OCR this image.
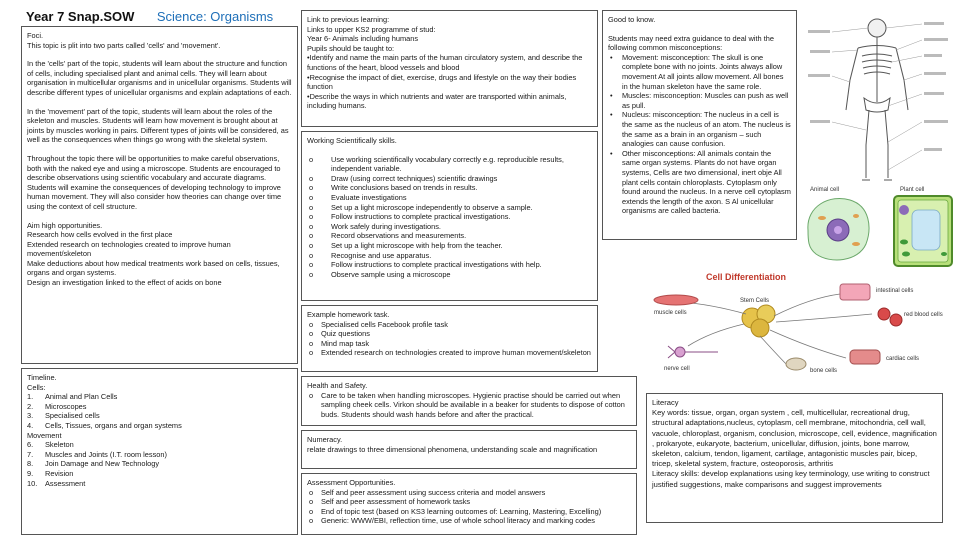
Year 7 Snap.SOW Science: Organisms

Foci.

This topic is plit into two parts called 'cells' and 'movement'.

In the 'cells' part of the topic, students will learn about the structure and function of cells, including specialised plant and animal cells. They will learn about organisation in multicellular organisms and in unicellular organisms. Students will describe different types of unicellular organisms and explain adaptations of each.

In the 'movement' part of the topic, students will learn about the roles of the skeleton and muscles. Students will learn how movement is brought about at joints by muscles working in pairs. Different types of joints will be considered, as well as the consequences when things go wrong with the skeletal system.

Throughout the topic there will be opportunities to make careful observations, both with the naked eye and using a microscope. Students are encouraged to describe observations using scientific vocabulary and accurate diagrams. Students will examine the consequences of developing technology to improve human movement. They will also consider how theories can change over time using the context of cell structure.

Aim high opportunities.

Research how cells evolved in the first place

Extended research on technologies created to improve human movement/skeleton

Make deductions about how medical treatments work based on cells, tissues, organs and organ systems.

Design an investigation linked to the effect of acids on bone

Timeline.

Cells:

1.	Animal and Plan Cells
2.	Microscopes
3.	Specialised cells
4.	Cells, Tissues, organs and organ systems

Movement

6.	Skeleton
7.	Muscles and Joints (I.T. room lesson)
8.	Join Damage and New Technology
9.	Revision
10.	Assessment

Link to previous learning:

Links to upper KS2 programme of stud:

Year 6- Animals including humans

Pupils should be taught to:

•Identify and name the main parts of the human circulatory system, and describe the functions of the heart, blood vessels and blood

•Recognise the impact of diet, exercise, drugs and lifestyle on the way their bodies function

•Describe the ways in which nutrients and water are transported within animals, including humans.

Working Scientifically skills.

o Use working scientifically vocabulary correctly e.g. reproducible results, independent variable.
o Draw (using correct techniques) scientific drawings
o Write conclusions based on trends in results.
o Evaluate investigations
o Set up a light microscope independently to observe a sample.
o Follow instructions to complete practical investigations.
o Work safely during investigations.
o Record observations and measurements.
o Set up a light microscope with help from the teacher.
o Recognise and use apparatus.
o Follow instructions to complete practical investigations with help.
o Observe sample using a microscope

Example homework task.

o Specialised cells Facebook profile task
o Quiz questions
o Mind map task
o Extended research on technologies created to improve human movement/skeleton

Health and Safety.

o Care to be taken when handling microscopes. Hygienic practise should be carried out when sampling cheek cells. Virkon should be available in a beaker for students to dispose of cotton buds. Students should wash hands before and after the practical.

Numeracy.

relate drawings to three dimensional phenomena, understanding scale and magnification

Assessment Opportunities.

o Self and peer assessment using success criteria and model answers
o Self and peer assessment of homework tasks
o End of topic test (based on KS3 learning outcomes of: Learning, Mastering, Excelling)
o Generic: WWW/EBI, reflection time, use of whole school literacy and marking codes

Good to know.

Students may need extra guidance to deal with the following common misconceptions:

• Movement: misconception: The skull is one complete bone with no joints. Joints always allow movement At all joints allow movement. All bones in the human skeleton have the same role.
• Muscles: misconception: Muscles can push as well as pull.
• Nucleus: misconception: The nucleus in a cell is the same as the nucleus of an atom. The nucleus is the same as a brain in an organism – such analogies can cause confusion.
• Other misconceptions: All animals contain the same organ systems. Plants do not have organ systems, Cells are two dimensional, inert obje All plant cells contain chloroplasts. Cytoplasm only found around the nucleus. In a nerve cell cytoplasm extends the length of the axon. S Al unicellular organisms are called bacteria.
Animal cell	Plant cell
Cell Differentiation
Stem Cells
muscle cells
intestinal cells
red blood cells
nerve cell	bone cells
cardiac cells

Literacy

Key words: tissue, organ, organ system , cell, multicellular, recreational drug, structural adaptations,nucleus, cytoplasm, cell membrane, mitochondria, cell wall, vacuole, chloroplast, organism, conclusion, microscope, cell, evidence, magnification , prokaryote, eukaryote, bacterium, unicellular, diffusion, joints, bone marrow, skeleton, calcium, tendon, ligament, cartilage, antagonistic muscles pair, bicep, tricep, skeletal system, fracture, osteoporosis, arthritis

Literacy skills: develop explanations using key terminology, use writing to construct justified suggestions, make comparisons and suggest improvements
